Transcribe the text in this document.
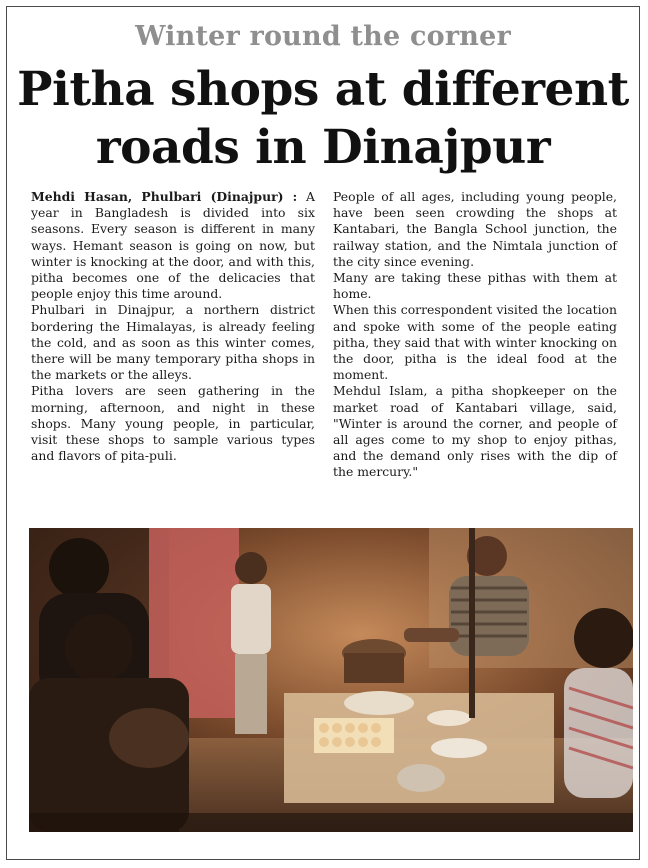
Winter round the corner
Pitha shops at different
roads in Dinajpur

Mehdi Hasan, Phulbari (Dinajpur) : A year in Bangladesh is divided into six seasons. Every season is different in many ways. Hemant season is going on now, but winter is knocking at the door, and with this, pitha becomes one of the delicacies that people enjoy this time around.

Phulbari in Dinajpur, a northern district bordering the Himalayas, is already feeling the cold, and as soon as this winter comes, there will be many temporary pitha shops in the markets or the alleys.

Pitha lovers are seen gathering in the morning, afternoon, and night in these shops. Many young people, in particular, visit these shops to sample various types and flavors of pita-puli.

People of all ages, including young people, have been seen crowding the shops at Kantabari, the Bangla School junction, the railway station, and the Nimtala junction of the city since evening.

Many are taking these pithas with them at home.

When this correspondent visited the location and spoke with some of the people eating pitha, they said that with winter knocking on the door, pitha is the ideal food at the moment.

Mehdul Islam, a pitha shopkeeper on the market road of Kantabari village, said, "Winter is around the corner, and people of all ages come to my shop to enjoy pithas, and the demand only rises with the dip of the mercury."
